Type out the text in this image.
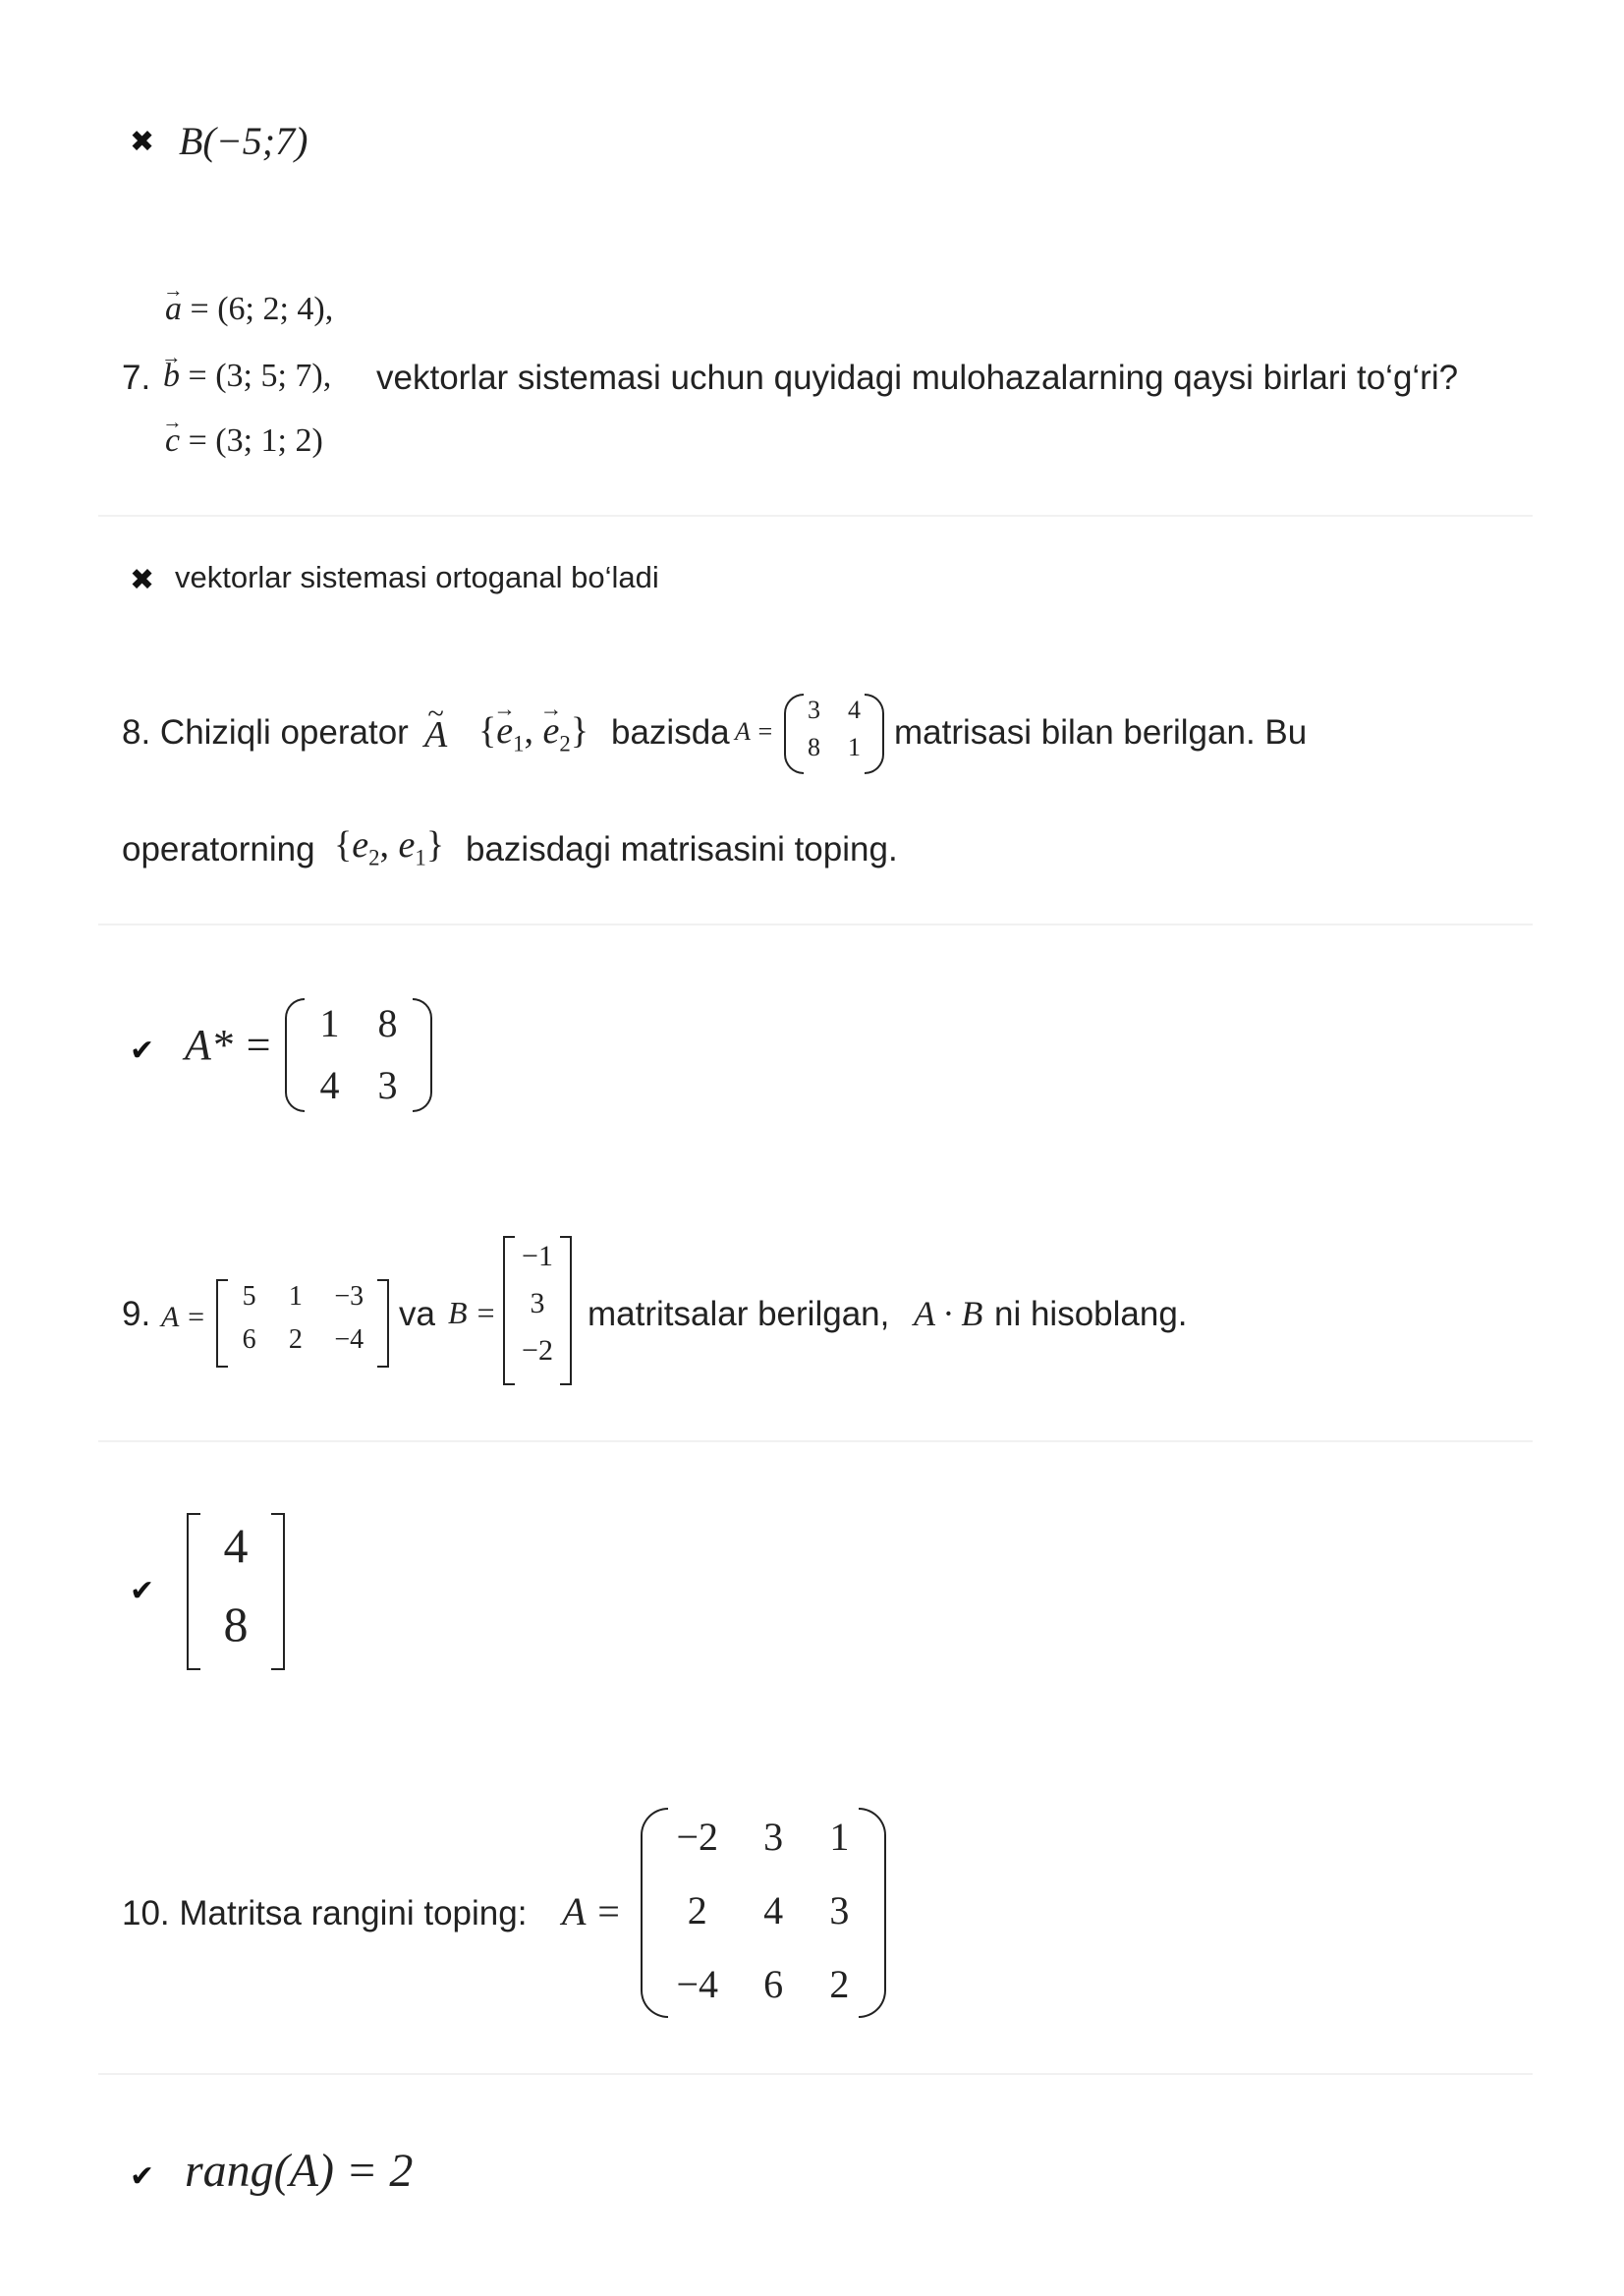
✖ B(−5;7)
→ a = (6; 2; 4),
7. → b = (3; 5; 7), vektorlar sistemasi uchun quyidagi mulohazalarning qaysi birlari to‘g‘ri?
→ c = (3; 1; 2)
✖ vektorlar sistemasi ortoganal bo‘ladi
8. Chiziqli operator ~ A {→ $e_1$, → $e_2$} bazisda A =
3	4
8	1 matrisasi bilan berilgan. Bu
operatorning {$e_2$, $e_1$} bazisdagi matrisasini toping.
✔ A* =	1 8
4 3
9. A =
5	1	−3
6	2	−4
va B =
−1
3
−2
matritsalar berilgan, A · B ni hisoblang.
✔
4
8
10. Matritsa rangini toping: A =
−2	3	1
2	4	3
−4	6	2
✔ rang(A) = 2
